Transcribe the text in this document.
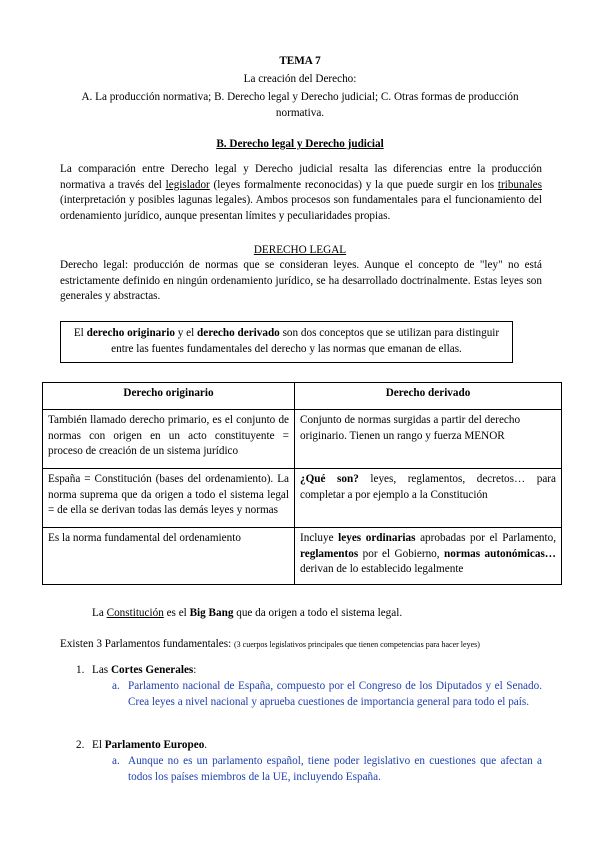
TEMA 7
La creación del Derecho:
A. La producción normativa; B. Derecho legal y Derecho judicial; C. Otras formas de producción normativa.
B. Derecho legal y Derecho judicial
La comparación entre Derecho legal y Derecho judicial resalta las diferencias entre la producción normativa a través del legislador (leyes formalmente reconocidas) y la que puede surgir en los tribunales (interpretación y posibles lagunas legales). Ambos procesos son fundamentales para el funcionamiento del ordenamiento jurídico, aunque presentan límites y peculiaridades propias.
DERECHO LEGAL
Derecho legal: producción de normas que se consideran leyes. Aunque el concepto de "ley" no está estrictamente definido en ningún ordenamiento jurídico, se ha desarrollado doctrinalmente. Estas leyes son generales y abstractas.
El derecho originario y el derecho derivado son dos conceptos que se utilizan para distinguir entre las fuentes fundamentales del derecho y las normas que emanan de ellas.
Derecho originario	Derecho derivado
También llamado derecho primario, es el conjunto de normas con origen en un acto constituyente = proceso de creación de un sistema jurídico	Conjunto de normas surgidas a partir del derecho originario. Tienen un rango y fuerza MENOR
España = Constitución (bases del ordenamiento). La norma suprema que da origen a todo el sistema legal = de ella se derivan todas las demás leyes y normas	¿Qué son? leyes, reglamentos, decretos… para completar a por ejemplo a la Constitución
Es la norma fundamental del ordenamiento	Incluye leyes ordinarias aprobadas por el Parlamento, reglamentos por el Gobierno, normas autonómicas… derivan de lo establecido legalmente
La Constitución es el Big Bang que da origen a todo el sistema legal.
Existen 3 Parlamentos fundamentales: (3 cuerpos legislativos principales que tienen competencias para hacer leyes)
1. Las Cortes Generales:
a. Parlamento nacional de España, compuesto por el Congreso de los Diputados y el Senado. Crea leyes a nivel nacional y aprueba cuestiones de importancia general para todo el país.
2. El Parlamento Europeo.
a. Aunque no es un parlamento español, tiene poder legislativo en cuestiones que afectan a todos los países miembros de la UE, incluyendo España.
